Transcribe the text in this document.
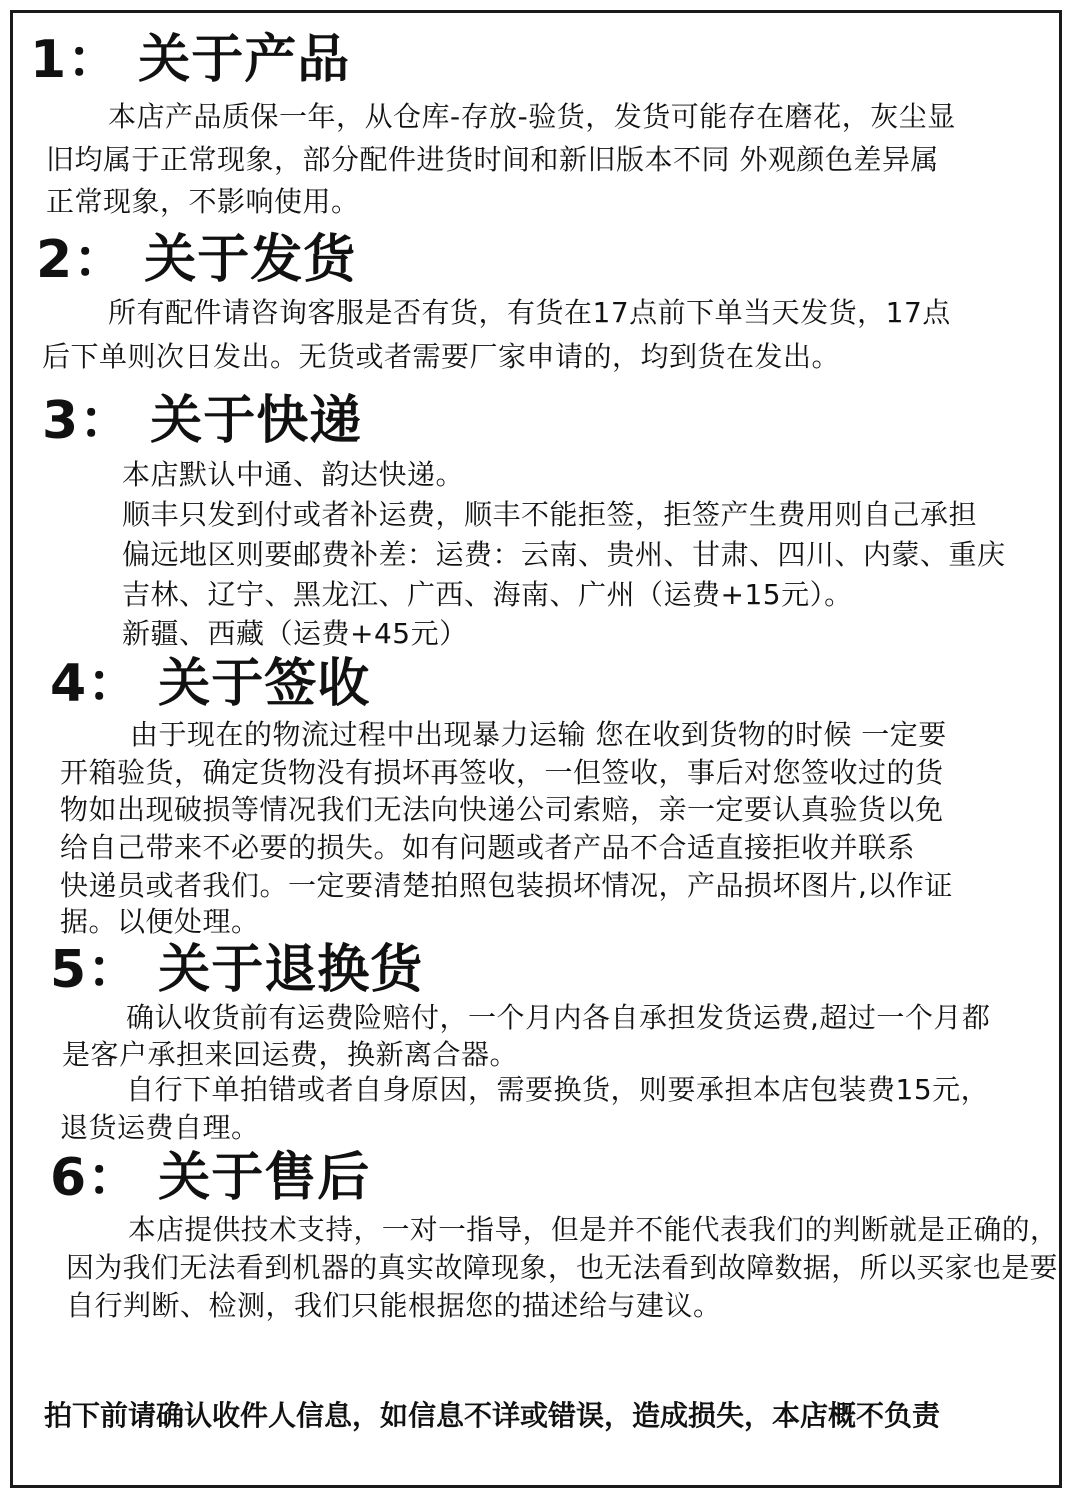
1： 关于产品
本店产品质保一年，从仓库-存放-验货，发货可能存在磨花，灰尘显
旧均属于正常现象，部分配件进货时间和新旧版本不同 外观颜色差异属
正常现象，不影响使用。
2： 关于发货
所有配件请咨询客服是否有货，有货在17点前下单当天发货，17点
后下单则次日发出。无货或者需要厂家申请的，均到货在发出。
3： 关于快递
本店默认中通、韵达快递。
顺丰只发到付或者补运费，顺丰不能拒签，拒签产生费用则自己承担
偏远地区则要邮费补差：运费：云南、贵州、甘肃、四川、内蒙、重庆
吉林、辽宁、黑龙江、广西、海南、广州（运费+15元）。
新疆、西藏（运费+45元）
4： 关于签收
由于现在的物流过程中出现暴力运输 您在收到货物的时候 一定要
开箱验货，确定货物没有损坏再签收，一但签收，事后对您签收过的货
物如出现破损等情况我们无法向快递公司索赔，亲一定要认真验货以免
给自己带来不必要的损失。如有问题或者产品不合适直接拒收并联系
快递员或者我们。一定要清楚拍照包装损坏情况，产品损坏图片,以作证
据。以便处理。
5： 关于退换货
确认收货前有运费险赔付，一个月内各自承担发货运费,超过一个月都
是客户承担来回运费，换新离合器。
自行下单拍错或者自身原因，需要换货，则要承担本店包装费15元，
退货运费自理。
6： 关于售后
本店提供技术支持，一对一指导，但是并不能代表我们的判断就是正确的，
因为我们无法看到机器的真实故障现象，也无法看到故障数据，所以买家也是要
自行判断、检测，我们只能根据您的描述给与建议。
拍下前请确认收件人信息，如信息不详或错误，造成损失，本店概不负责
